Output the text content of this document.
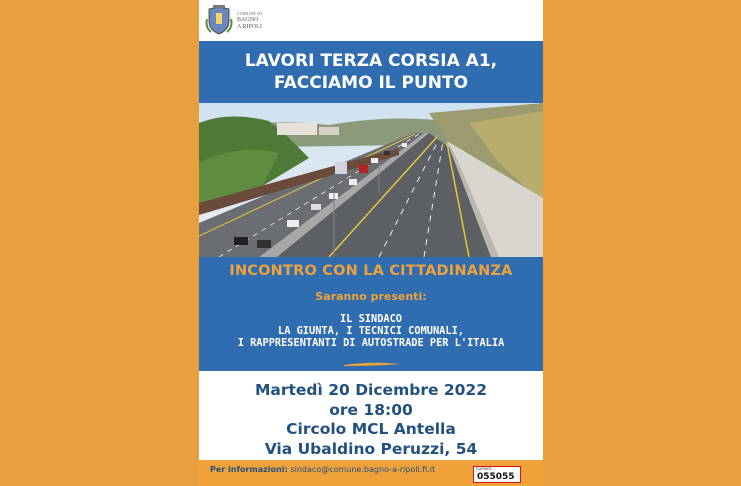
COMUNE DI
BAGNO
A RIPOLI
LAVORI TERZA CORSIA A1,
FACCIAMO IL PUNTO
INCONTRO CON LA CITTADINANZA
Saranno presenti:
IL SINDACO
LA GIUNTA, I TECNICI COMUNALI,
I RAPPRESENTANTI DI AUTOSTRADE PER L'ITALIA
Martedì 20 Dicembre 2022
ore 18:00
Circolo MCL Antella
Via Ubaldino Peruzzi, 54
Per informazioni: sindaco@comune.bagno-a-ripoli.fi.it	numero
055055
